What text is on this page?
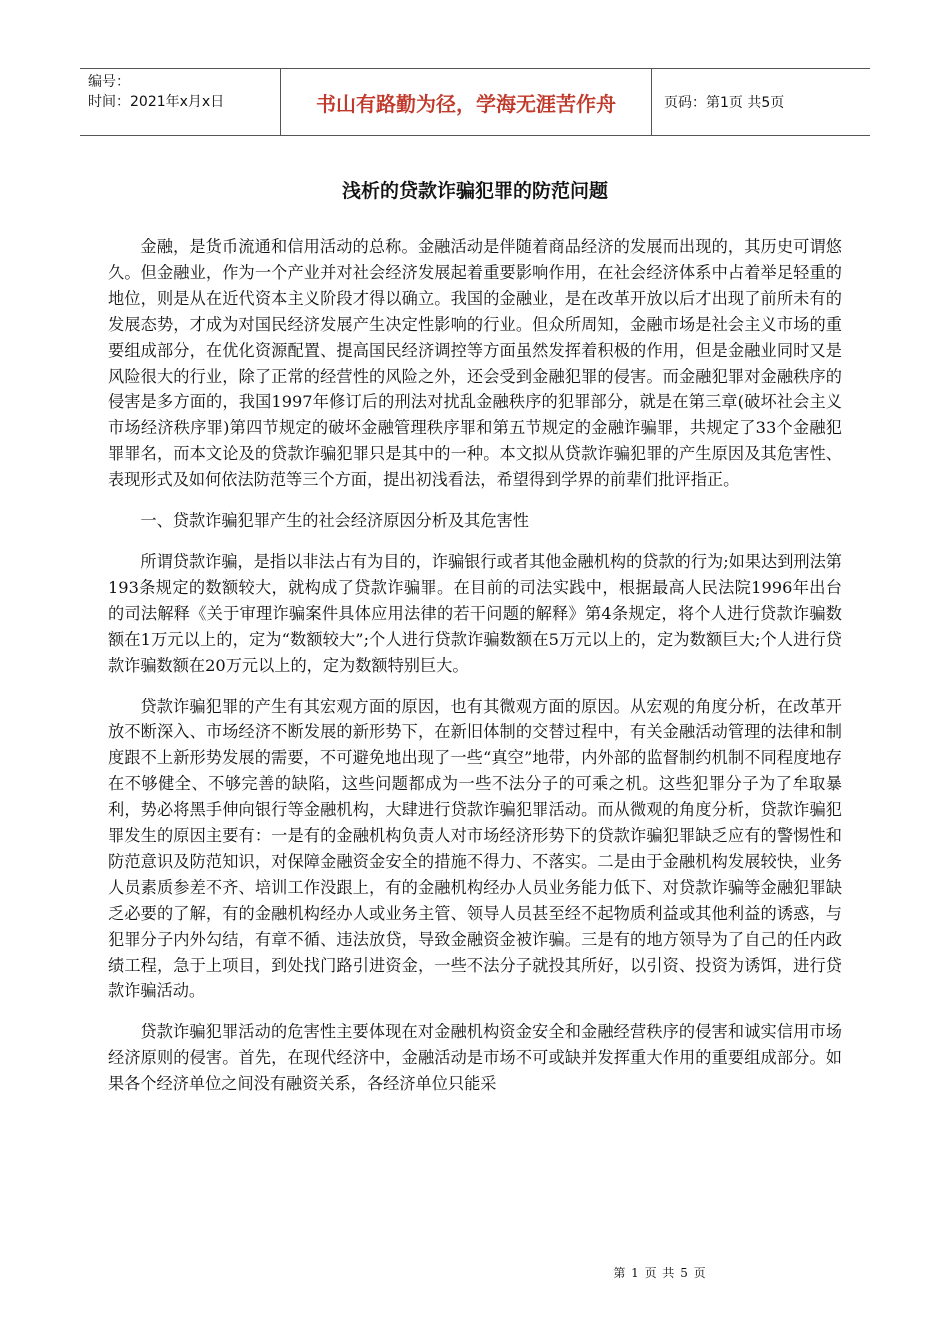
编号：
时间：2021年x月x日	书山有路勤为径，学海无涯苦作舟	页码：第1页 共5页
浅析的贷款诈骗犯罪的防范问题

金融，是货币流通和信用活动的总称。金融活动是伴随着商品经济的发展而出现的，其历史可谓悠久。但金融业，作为一个产业并对社会经济发展起着重要影响作用，在社会经济体系中占着举足轻重的地位，则是从在近代资本主义阶段才得以确立。我国的金融业，是在改革开放以后才出现了前所未有的发展态势，才成为对国民经济发展产生决定性影响的行业。但众所周知，金融市场是社会主义市场的重要组成部分，在优化资源配置、提高国民经济调控等方面虽然发挥着积极的作用，但是金融业同时又是风险很大的行业，除了正常的经营性的风险之外，还会受到金融犯罪的侵害。而金融犯罪对金融秩序的侵害是多方面的，我国1997年修订后的刑法对扰乱金融秩序的犯罪部分，就是在第三章(破坏社会主义市场经济秩序罪)第四节规定的破坏金融管理秩序罪和第五节规定的金融诈骗罪，共规定了33个金融犯罪罪名，而本文论及的贷款诈骗犯罪只是其中的一种。本文拟从贷款诈骗犯罪的产生原因及其危害性、表现形式及如何依法防范等三个方面，提出初浅看法，希望得到学界的前辈们批评指正。

一、贷款诈骗犯罪产生的社会经济原因分析及其危害性

所谓贷款诈骗，是指以非法占有为目的，诈骗银行或者其他金融机构的贷款的行为;如果达到刑法第193条规定的数额较大，就构成了贷款诈骗罪。在目前的司法实践中，根据最高人民法院1996年出台的司法解释《关于审理诈骗案件具体应用法律的若干问题的解释》第4条规定，将个人进行贷款诈骗数额在1万元以上的，定为“数额较大”;个人进行贷款诈骗数额在5万元以上的，定为数额巨大;个人进行贷款诈骗数额在20万元以上的，定为数额特别巨大。

贷款诈骗犯罪的产生有其宏观方面的原因，也有其微观方面的原因。从宏观的角度分析，在改革开放不断深入、市场经济不断发展的新形势下，在新旧体制的交替过程中，有关金融活动管理的法律和制度跟不上新形势发展的需要，不可避免地出现了一些“真空”地带，内外部的监督制约机制不同程度地存在不够健全、不够完善的缺陷，这些问题都成为一些不法分子的可乘之机。这些犯罪分子为了牟取暴利，势必将黑手伸向银行等金融机构，大肆进行贷款诈骗犯罪活动。而从微观的角度分析，贷款诈骗犯罪发生的原因主要有：一是有的金融机构负责人对市场经济形势下的贷款诈骗犯罪缺乏应有的警惕性和防范意识及防范知识，对保障金融资金安全的措施不得力、不落实。二是由于金融机构发展较快，业务人员素质参差不齐、培训工作没跟上，有的金融机构经办人员业务能力低下、对贷款诈骗等金融犯罪缺乏必要的了解，有的金融机构经办人或业务主管、领导人员甚至经不起物质利益或其他利益的诱惑，与犯罪分子内外勾结，有章不循、违法放贷，导致金融资金被诈骗。三是有的地方领导为了自己的任内政绩工程，急于上项目，到处找门路引进资金，一些不法分子就投其所好，以引资、投资为诱饵，进行贷款诈骗活动。

贷款诈骗犯罪活动的危害性主要体现在对金融机构资金安全和金融经营秩序的侵害和诚实信用市场经济原则的侵害。首先，在现代经济中，金融活动是市场不可或缺并发挥重大作用的重要组成部分。如果各个经济单位之间没有融资关系，各经济单位只能采

第 1 页 共 5 页
